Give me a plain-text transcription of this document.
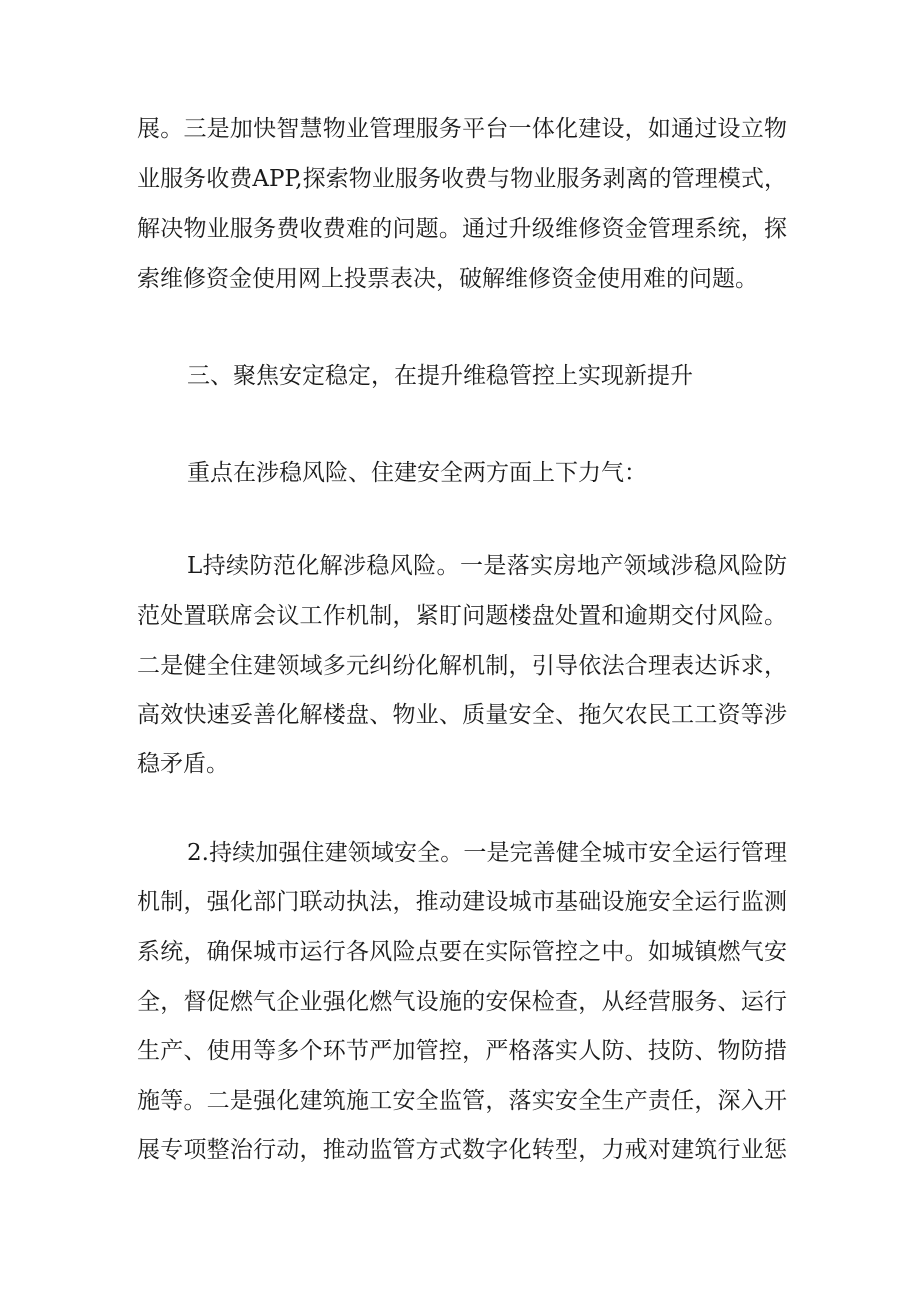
展。三是加快智慧物业管理服务平台一体化建设，如通过设立物
业服务收费APP,探索物业服务收费与物业服务剥离的管理模式，
解决物业服务费收费难的问题。通过升级维修资金管理系统，探
索维修资金使用网上投票表决，破解维修资金使用难的问题。
三、聚焦安定稳定，在提升维稳管控上实现新提升
重点在涉稳风险、住建安全两方面上下力气：
L持续防范化解涉稳风险。一是落实房地产领域涉稳风险防
范处置联席会议工作机制，紧盯问题楼盘处置和逾期交付风险。
二是健全住建领域多元纠纷化解机制，引导依法合理表达诉求，
高效快速妥善化解楼盘、物业、质量安全、拖欠农民工工资等涉
稳矛盾。
2.持续加强住建领域安全。一是完善健全城市安全运行管理
机制，强化部门联动执法，推动建设城市基础设施安全运行监测
系统，确保城市运行各风险点要在实际管控之中。如城镇燃气安
全，督促燃气企业强化燃气设施的安保检查，从经营服务、运行
生产、使用等多个环节严加管控，严格落实人防、技防、物防措
施等。二是强化建筑施工安全监管，落实安全生产责任，深入开
展专项整治行动，推动监管方式数字化转型，力戒对建筑行业惩
